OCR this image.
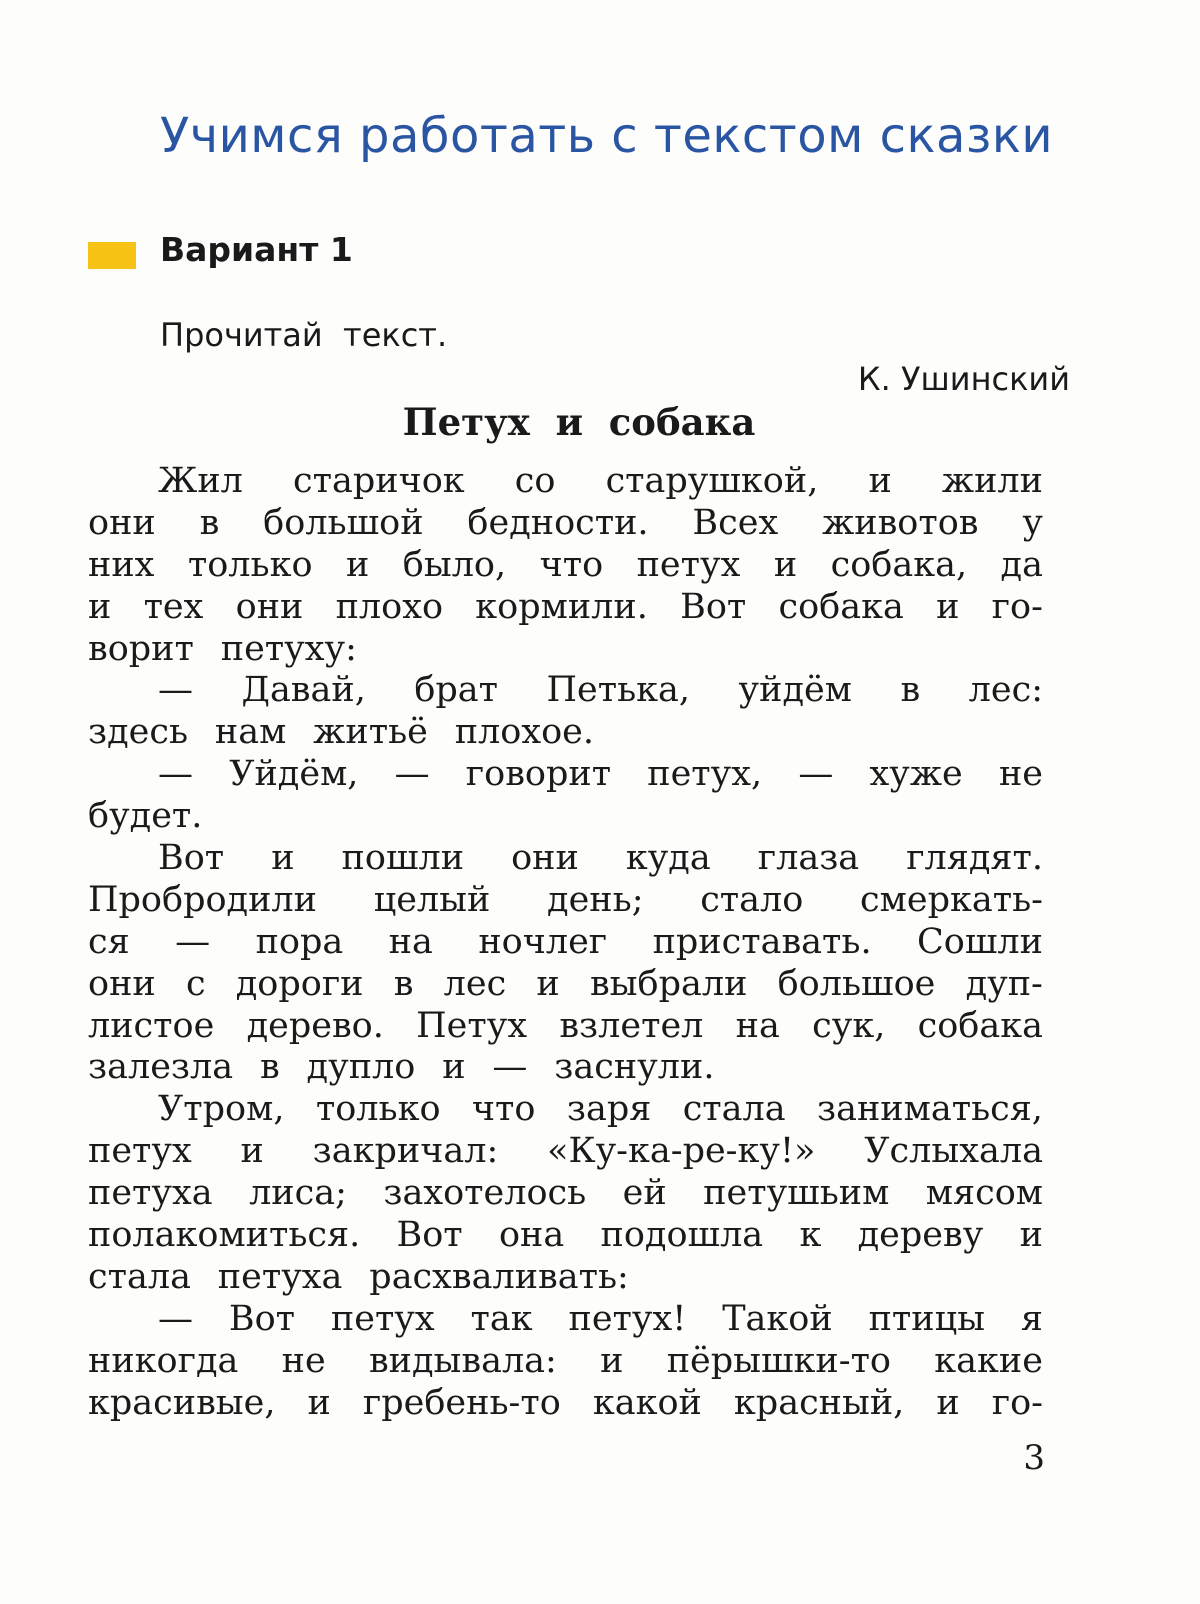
Учимся работать с текстом сказки
Вариант 1

Прочитай  текст.

К. Ушинский

Петух  и  собака
Жил старичок со старушкой, и жили
они в большой бедности. Всех животов у
них только и было, что петух и собака, да
и тех они плохо кормили. Вот собака и го-
ворит петуху:
— Давай, брат Петька, уйдём в лес:
здесь нам житьё плохое.
— Уйдём, — говорит петух, — хуже не
будет.
Вот и пошли они куда глаза глядят.
Пробродили целый день; стало смеркать-
ся — пора на ночлег приставать. Сошли
они с дороги в лес и выбрали большое дуп-
листое дерево. Петух взлетел на сук, собака
залезла в дупло и — заснули.
Утром, только что заря стала заниматься,
петух и закричал: «Ку-ка-ре-ку!» Услыхала
петуха лиса; захотелось ей петушьим мясом
полакомиться. Вот она подошла к дереву и
стала петуха расхваливать:
— Вот петух так петух! Такой птицы я
никогда не видывала: и пёрышки-то какие
красивые, и гребень-то какой красный, и го-
3
